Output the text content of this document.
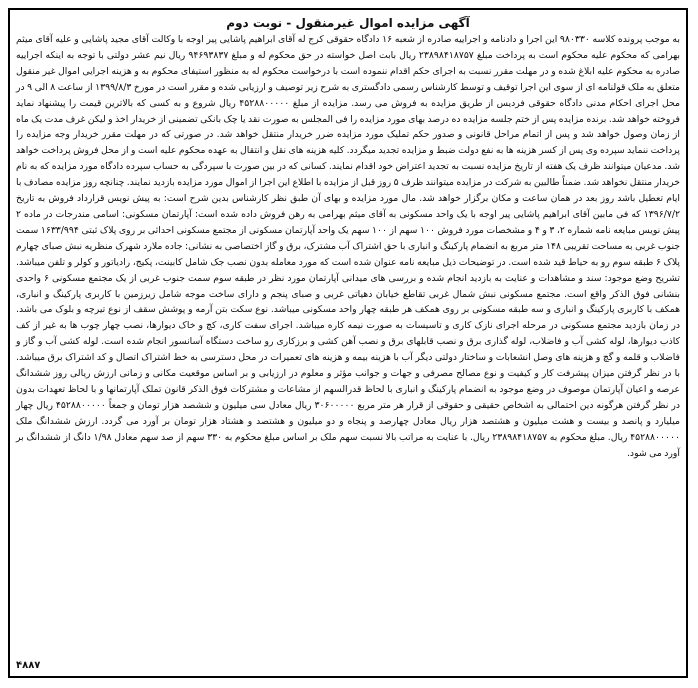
آگهی مزایده اموال غیرمنقول - نوبت دوم
به موجب پرونده کلاسه ۹۸۰۳۳۰ این اجرا و دادنامه و اجراییه صادره از شعبه ۱۶ دادگاه حقوقی کرج له آقای ابراهیم پاشایی پیر اوجه با وکالت آقای مجید پاشایی و علیه آقای میثم بهرامی که محکوم علیه محکوم است به پرداخت مبلغ ۲۳۸۹۸۴۱۸۷۵۷ ریال بابت اصل خواسته در حق محکوم له و مبلغ ۹۴۶۹۳۸۳۷ ریال نیم عشر دولتی با توجه به اینکه اجراییه صادره به محکوم علیه ابلاغ شده و در مهلت مقرر نسبت به اجرای حکم اقدام ننموده است با درخواست محکوم له به منظور استیفای محکوم به و هزینه اجرایی اموال غیر منقول متعلق به ملک قولنامه ای از سوی این اجرا توقیف و توسط کارشناس رسمی دادگستری به شرح زیر توصیف و ارزیابی شده و مقرر است در مورخ ۱۳۹۹/۸/۳ از ساعت ۸ الی ۹ در محل اجرای احکام مدنی دادگاه حقوقی فردیس از طریق مزایده به فروش می رسد. مزایده از مبلغ ۴۵۲۸۸۰۰۰۰۰ ریال شروع و به کسی که بالاترین قیمت را پیشنهاد نماید فروخته خواهد شد. برنده مزایده پس از ختم جلسه مزایده ده درصد بهای مورد مزایده را فی المجلس به صورت نقد یا چک بانکی تضمینی از خریدار اخذ و لیکن غرف مدت یک ماه از زمان وصول خواهد شد و پس از اتمام مراحل قانونی و صدور حکم تملیک مورد مزایده ضرر خریدار منتقل خواهد شد. در صورتی که در مهلت مقرر خریدار وجه مزایده را پرداخت ننماید سپرده وی پس از کسر هزینه ها به نفع دولت ضبط و مزایده تجدید میگردد. کلیه هزینه های نقل و انتقال به عهده محکوم علیه است و از محل فروش پرداخت خواهد شد. مدعیان میتوانند ظرف یک هفته از تاریخ مزایده نسبت به تجدید اعتراض خود اقدام نمایند. کسانی که در بین صورت با سپردگی به حساب سپرده دادگاه مورد مزایده که به نام خریدار منتقل نخواهد شد. ضمناً طالبین به شرکت در مزایده میتوانند ظرف ۵ روز قبل از مزایده با اطلاع این اجرا از اموال مورد مزایده بازدید نمایند. چنانچه روز مزایده مصادف با ایام تعطیل باشد روز بعد در همان ساعت و مکان برگزار خواهد شد. مال مورد مزایده و بهای آن طبق نظر کارشناس بدین شرح است: به پیش نویس قرارداد فروش به تاریخ ۱۳۹۶/۷/۲ که فی مابین آقای ابراهیم پاشایی پیر اوجه با یک واحد مسکونی به آقای میثم بهرامی به رهن فروش داده شده است: آپارتمان مسکونی: اسامی مندرجات در ماده ۲ پیش نویس مبایعه نامه شماره ۲، ۳ و ۴ و مشخصات مورد فروش ۱۰۰ سهم از ۱۰۰ سهم یک واحد آپارتمان مسکونی از مجتمع مسکونی احداثی بر روی پلاک ثبتی ۱۶۳۳/۹۹۴ سمت جنوب غربی به مساحت تقریبی ۱۴۸ متر مربع به انضمام پارکینگ و انباری با حق اشتراک آب مشترک، برق و گاز اختصاصی به نشانی: جاده ملارد شهرک منظریه نبش صبای چهارم پلاک ۶ طبقه سوم رو به حیاط قید شده است. در توضیحات ذیل مبایعه نامه عنوان شده است که مورد معامله بدون نصب جک شامل کابینت، پکیج، رادیاتور و کولر و تلفن میباشد. تشریح وضع موجود: سند و مشاهدات و عنایت به بازدید انجام شده و بررسی های میدانی آپارتمان مورد نظر در طبقه سوم سمت جنوب غربی از یک مجتمع مسکونی ۶ واحدی بنشانی فوق الذکر واقع است. مجتمع مسکونی نبش شمال غربی تقاطع خیابان دهیاتی غربی و صبای پنجم و دارای ساخت موجه شامل زیرزمین با کاربری پارکینگ و انباری، همکف با کاربری پارکینگ و انباری و سه طبقه مسکونی بر روی همکف هر طبقه چهار واحد مسکونی میباشد. نوع سکت بتن آرمه و پوشش سقف از نوع تیرچه و بلوک می باشد. در زمان بازدید مجتمع مسکونی در مرحله اجرای نازک کاری و تاسیسات به صورت نیمه کاره میباشد. اجرای سفت کاری، کچ و خاک دیوارها، نصب چهار چوب ها به غیر از کف کاذب دیوارها، لوله کشی آب و فاضلاب، لوله گذاری برق و نصب قابلهای برق و نصب آهن کشی و برزکاری رو ساخت دستگاه آسانسور انجام شده است. لوله کشی آب و گاز و فاضلاب و قلمه و گچ و هزینه های وصل انشعابات و ساختار دولتی دیگر آب با هزینه بیمه و هزینه های تعمیرات در محل دسترسی به خط اشتراک اتصال و کد اشتراک برق میباشد. با در نظر گرفتن میزان پیشرفت کار و کیفیت و نوع مصالح مصرفی و جهات و جوانب مؤثر و معلوم در ارزیابی و بر اساس موقعیت مکانی و زمانی ارزش ریالی روز ششدانگ عرصه و اعیان آپارتمان موصوف در وضع موجود به انضمام پارکینگ و انباری با لحاظ قدرالسهم از مشاعات و مشترکات فوق الذکر قانون تملک آپارتمانها و با لحاظ تعهدات بدون در نظر گرفتن هرگونه دین احتمالی به اشخاص حقیقی و حقوقی از قرار هر متر مربع ۳۰۶۰۰۰۰۰ ریال معادل سی میلیون و ششصد هزار تومان و جمعاً ۴۵۲۸۸۰۰۰۰۰ ریال چهار میلیارد و پانصد و بیست و هشت میلیون و هشتصد هزار ریال معادل چهارصد و پنجاه و دو میلیون و هشتصد و هشتاد هزار تومان بر آورد می گردد. ارزش ششدانگ ملک ۴۵۲۸۸۰۰۰۰۰ ریال. مبلغ محکوم به ۲۳۸۹۸۴۱۸۷۵۷ ریال. با عنایت به مراتب بالا نسبت سهم ملک بر اساس مبلغ محکوم به ۳۳۰ سهم از صد سهم معادل ۱/۹۸ دانگ از ششدانگ بر آورد می شود.
۴۸۸۷
